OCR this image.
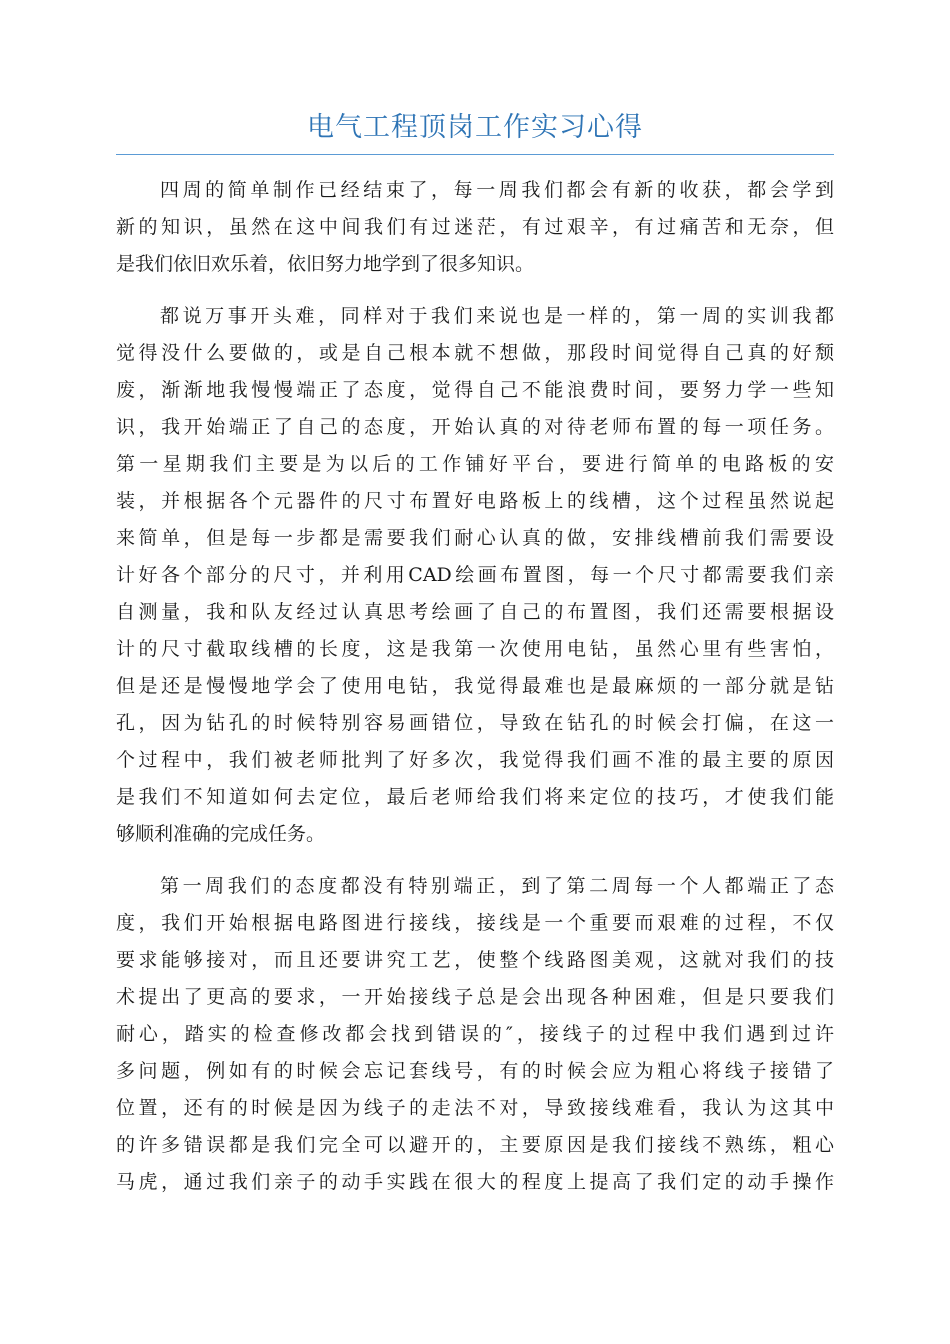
电气工程顶岗工作实习心得
四周的简单制作已经结束了，每一周我们都会有新的收获，都会学到
新的知识，虽然在这中间我们有过迷茫，有过艰辛，有过痛苦和无奈，但
是我们依旧欢乐着，依旧努力地学到了很多知识。
都说万事开头难，同样对于我们来说也是一样的，第一周的实训我都
觉得没什么要做的，或是自己根本就不想做，那段时间觉得自己真的好颓
废，渐渐地我慢慢端正了态度，觉得自己不能浪费时间，要努力学一些知
识，我开始端正了自己的态度，开始认真的对待老师布置的每一项任务。
第一星期我们主要是为以后的工作铺好平台，要进行简单的电路板的安
装，并根据各个元器件的尺寸布置好电路板上的线槽，这个过程虽然说起
来简单，但是每一步都是需要我们耐心认真的做，安排线槽前我们需要设
计好各个部分的尺寸，并利用CAD绘画布置图，每一个尺寸都需要我们亲
自测量，我和队友经过认真思考绘画了自己的布置图，我们还需要根据设
计的尺寸截取线槽的长度，这是我第一次使用电钻，虽然心里有些害怕，
但是还是慢慢地学会了使用电钻，我觉得最难也是最麻烦的一部分就是钻
孔，因为钻孔的时候特别容易画错位，导致在钻孔的时候会打偏，在这一
个过程中，我们被老师批判了好多次，我觉得我们画不准的最主要的原因
是我们不知道如何去定位，最后老师给我们将来定位的技巧，才使我们能
够顺利准确的完成任务。
第一周我们的态度都没有特别端正，到了第二周每一个人都端正了态
度，我们开始根据电路图进行接线，接线是一个重要而艰难的过程，不仅
要求能够接对，而且还要讲究工艺，使整个线路图美观，这就对我们的技
术提出了更高的要求，一开始接线子总是会出现各种困难，但是只要我们
耐心，踏实的检查修改都会找到错误的″，接线子的过程中我们遇到过许
多问题，例如有的时候会忘记套线号，有的时候会应为粗心将线子接错了
位置，还有的时候是因为线子的走法不对，导致接线难看，我认为这其中
的许多错误都是我们完全可以避开的，主要原因是我们接线不熟练，粗心
马虎，通过我们亲子的动手实践在很大的程度上提高了我们定的动手操作
